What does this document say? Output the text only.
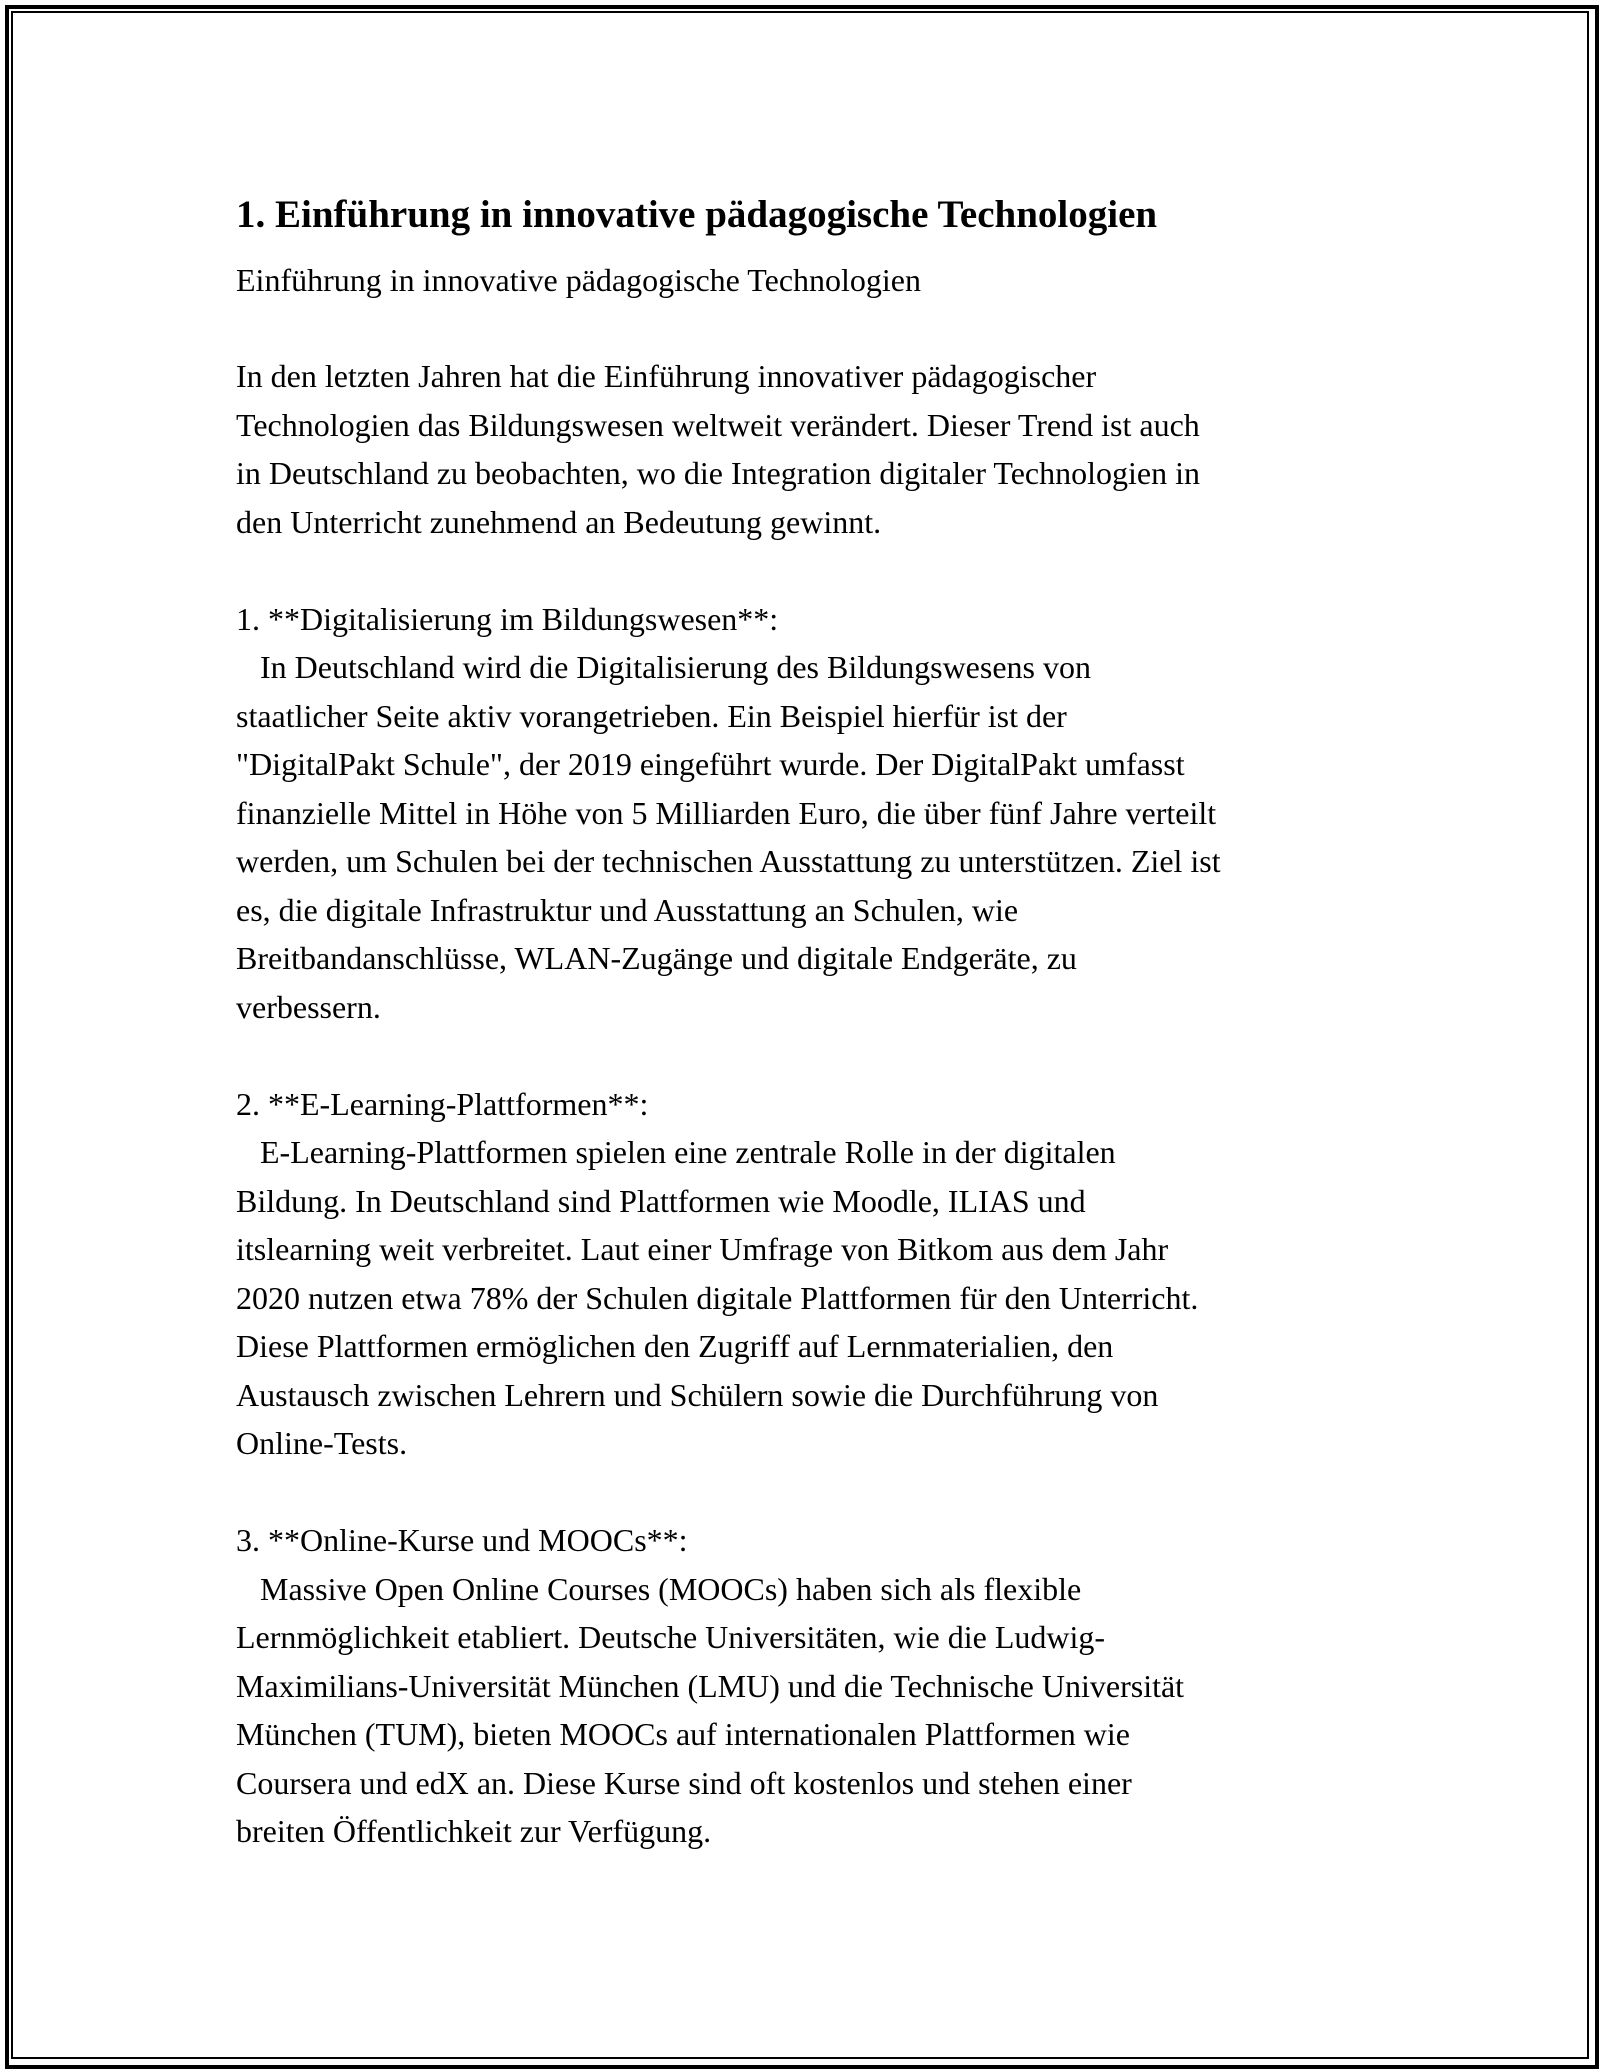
1. Einführung in innovative pädagogische Technologien
Einführung in innovative pädagogische Technologien
In den letzten Jahren hat die Einführung innovativer pädagogischer
Technologien das Bildungswesen weltweit verändert. Dieser Trend ist auch
in Deutschland zu beobachten, wo die Integration digitaler Technologien in
den Unterricht zunehmend an Bedeutung gewinnt.
1. **Digitalisierung im Bildungswesen**:
In Deutschland wird die Digitalisierung des Bildungswesens von
staatlicher Seite aktiv vorangetrieben. Ein Beispiel hierfür ist der
"DigitalPakt Schule", der 2019 eingeführt wurde. Der DigitalPakt umfasst
finanzielle Mittel in Höhe von 5 Milliarden Euro, die über fünf Jahre verteilt
werden, um Schulen bei der technischen Ausstattung zu unterstützen. Ziel ist
es, die digitale Infrastruktur und Ausstattung an Schulen, wie
Breitbandanschlüsse, WLAN-Zugänge und digitale Endgeräte, zu
verbessern.
2. **E-Learning-Plattformen**:
E-Learning-Plattformen spielen eine zentrale Rolle in der digitalen
Bildung. In Deutschland sind Plattformen wie Moodle, ILIAS und
itslearning weit verbreitet. Laut einer Umfrage von Bitkom aus dem Jahr
2020 nutzen etwa 78% der Schulen digitale Plattformen für den Unterricht.
Diese Plattformen ermöglichen den Zugriff auf Lernmaterialien, den
Austausch zwischen Lehrern und Schülern sowie die Durchführung von
Online-Tests.
3. **Online-Kurse und MOOCs**:
Massive Open Online Courses (MOOCs) haben sich als flexible
Lernmöglichkeit etabliert. Deutsche Universitäten, wie die Ludwig-
Maximilians-Universität München (LMU) und die Technische Universität
München (TUM), bieten MOOCs auf internationalen Plattformen wie
Coursera und edX an. Diese Kurse sind oft kostenlos und stehen einer
breiten Öffentlichkeit zur Verfügung.
